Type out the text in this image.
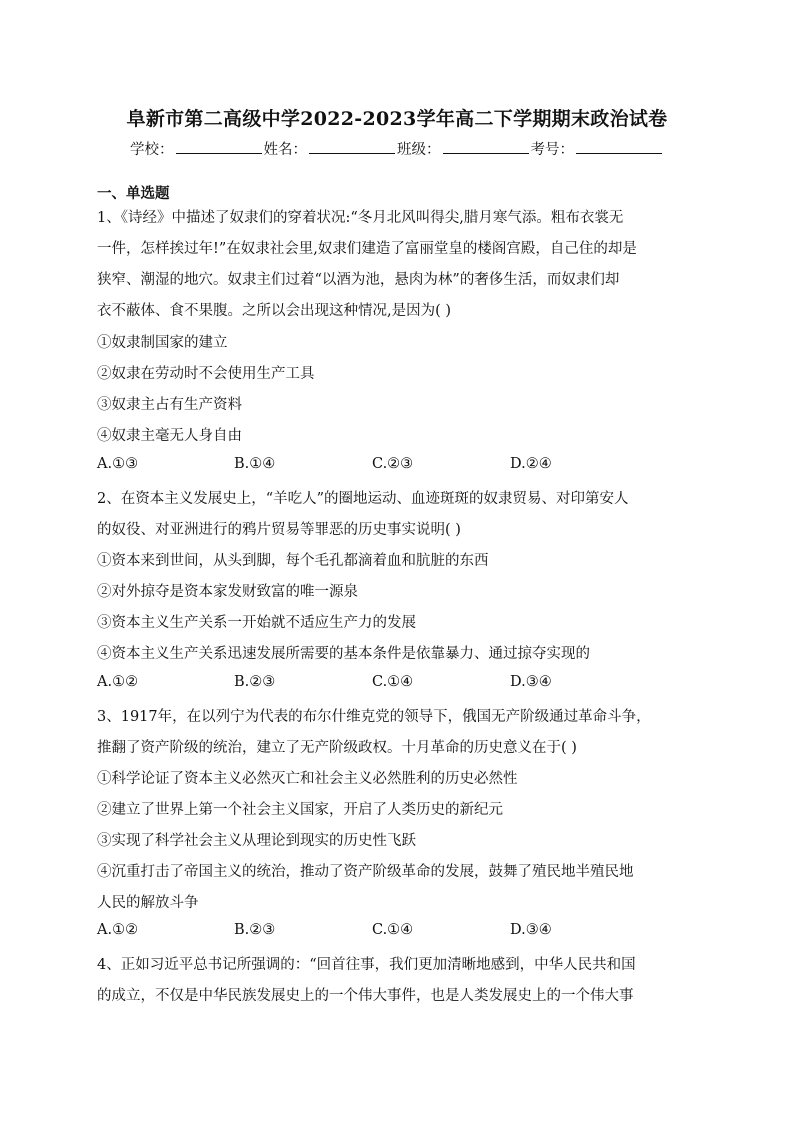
阜新市第二高级中学2022-2023学年高二下学期期末政治试卷
学校：	姓名：	班级：	考号：
一、单选题
1、《诗经》中描述了奴隶们的穿着状况:“冬月北风叫得尖,腊月寒气添。粗布衣裳无
一件，怎样挨过年!”在奴隶社会里,奴隶们建造了富丽堂皇的楼阁宫殿，自己住的却是
狭窄、潮湿的地穴。奴隶主们过着“以酒为池，悬肉为林”的奢侈生活，而奴隶们却
衣不蔽体、食不果腹。之所以会出现这种情况,是因为( )
①奴隶制国家的建立
②奴隶在劳动时不会使用生产工具
③奴隶主占有生产资料
④奴隶主毫无人身自由
A.①③	B.①④	C.②③	D.②④
2、在资本主义发展史上，“羊吃人”的圈地运动、血迹斑斑的奴隶贸易、对印第安人
的奴役、对亚洲进行的鸦片贸易等罪恶的历史事实说明( )
①资本来到世间，从头到脚，每个毛孔都滴着血和肮脏的东西
②对外掠夺是资本家发财致富的唯一源泉
③资本主义生产关系一开始就不适应生产力的发展
④资本主义生产关系迅速发展所需要的基本条件是依靠暴力、通过掠夺实现的
A.①②	B.②③	C.①④	D.③④
3、1917年，在以列宁为代表的布尔什维克党的领导下，俄国无产阶级通过革命斗争，
推翻了资产阶级的统治，建立了无产阶级政权。十月革命的历史意义在于( )
①科学论证了资本主义必然灭亡和社会主义必然胜利的历史必然性
②建立了世界上第一个社会主义国家，开启了人类历史的新纪元
③实现了科学社会主义从理论到现实的历史性飞跃
④沉重打击了帝国主义的统治，推动了资产阶级革命的发展，鼓舞了殖民地半殖民地
人民的解放斗争
A.①②	B.②③	C.①④	D.③④
4、正如习近平总书记所强调的：“回首往事，我们更加清晰地感到，中华人民共和国
的成立，不仅是中华民族发展史上的一个伟大事件，也是人类发展史上的一个伟大事
